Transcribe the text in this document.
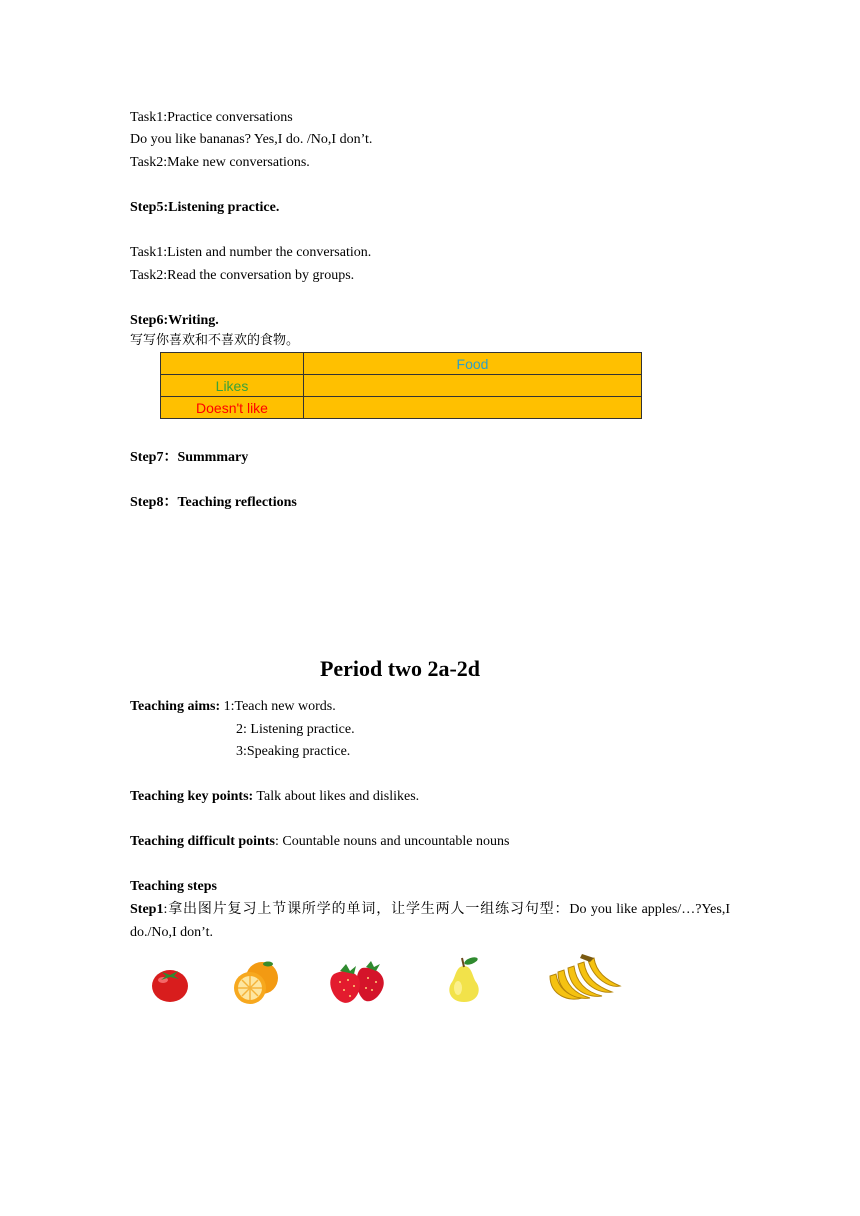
Task1:Practice conversations
Do you like bananas? Yes,I do. /No,I don’t.
Task2:Make new conversations.
Step5:Listening practice.
Task1:Listen and number the conversation.
Task2:Read the conversation by groups.
Step6:Writing.
写写你喜欢和不喜欢的食物。
	Food
Likes	
Doesn't like	
Step7：Summmary
Step8：Teaching reflections
Period two 2a-2d
Teaching aims: 1:Teach new words.
2: Listening practice.
3:Speaking practice.
Teaching key points: Talk about likes and dislikes.
Teaching difficult points: Countable nouns and uncountable nouns
Teaching steps
Step1:拿出图片复习上节课所学的单词，让学生两人一组练习句型：Do you like apples/…?Yes,I do./No,I don’t.
